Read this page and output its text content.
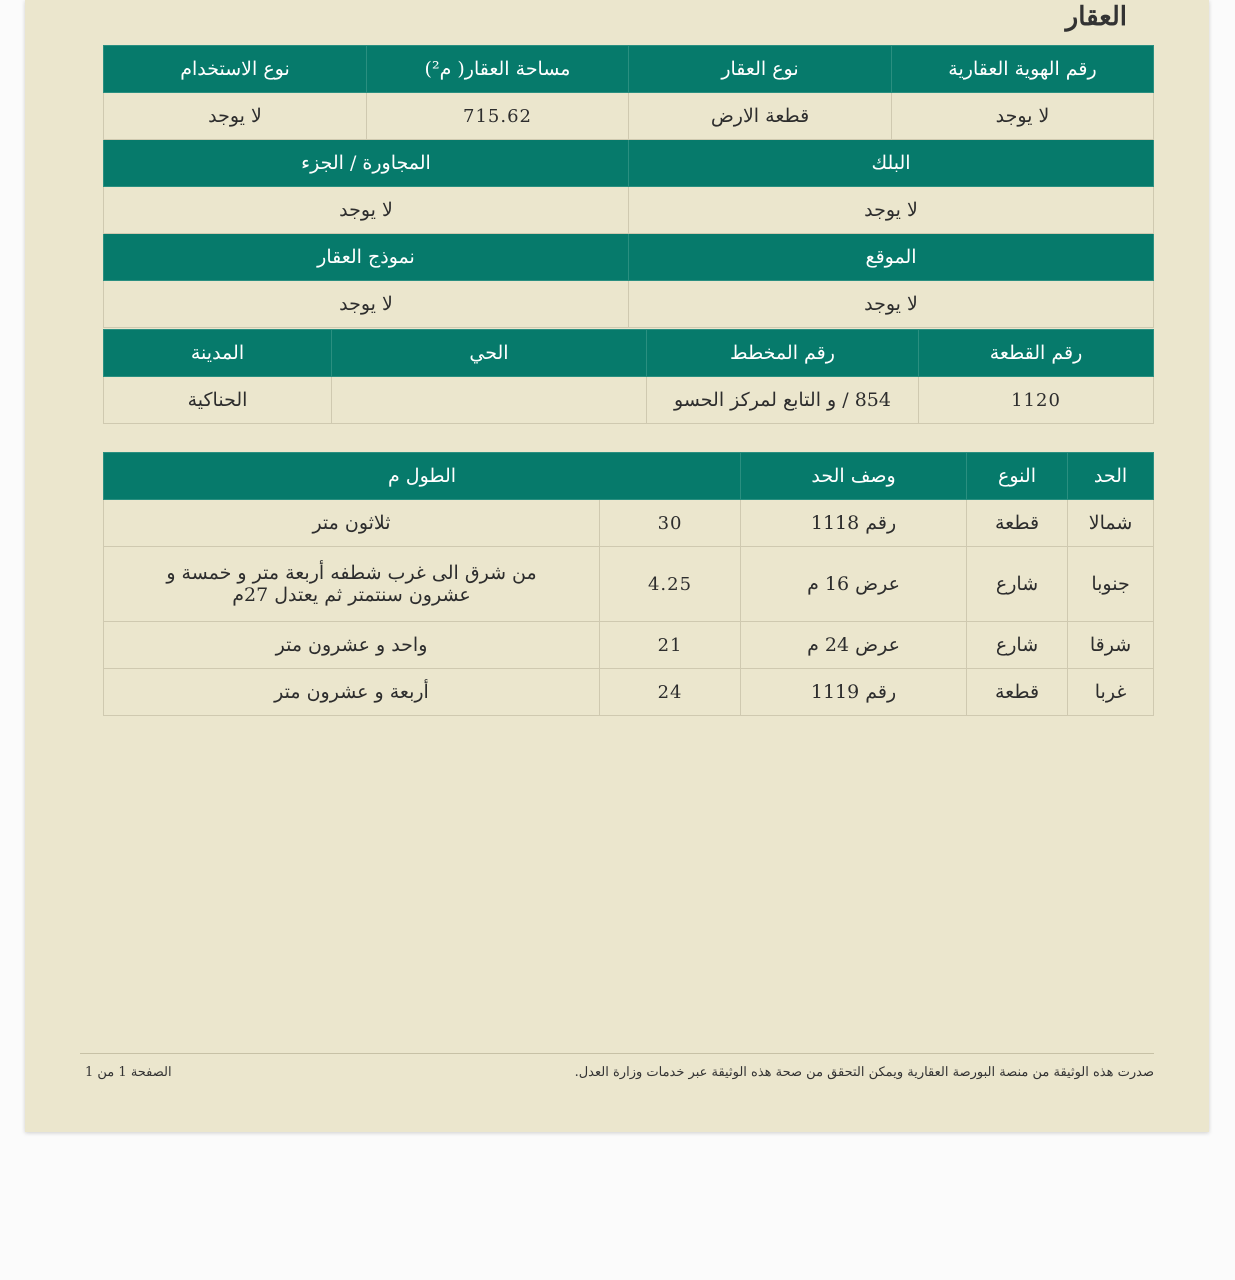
العقار
رقم الهوية العقارية	نوع العقار	مساحة العقار( م²)	نوع الاستخدام
لا يوجد	قطعة الارض	715.62	لا يوجد
البلك		المجاورة / الجزء	
لا يوجد		لا يوجد	
الموقع		نموذج العقار	
لا يوجد		لا يوجد	
رقم القطعة	رقم المخطط	الحي	المدينة
1120	854 / و التابع لمركز الحسو		الحناكية
الحد	النوع	وصف الحد	الطول م	
شمالا	قطعة	رقم 1118	30	ثلاثون متر
جنوبا	شارع	عرض 16 م	4.25	من شرق الى غرب شطفه أربعة متر و خمسة و عشرون سنتمتر ثم يعتدل 27م
شرقا	شارع	عرض 24 م	21	واحد و عشرون متر
غربا	قطعة	رقم 1119	24	أربعة و عشرون متر
صدرت هذه الوثيقة من منصة البورصة العقارية ويمكن التحقق من صحة هذه الوثيقة عبر خدمات وزارة العدل.
الصفحة 1 من 1
